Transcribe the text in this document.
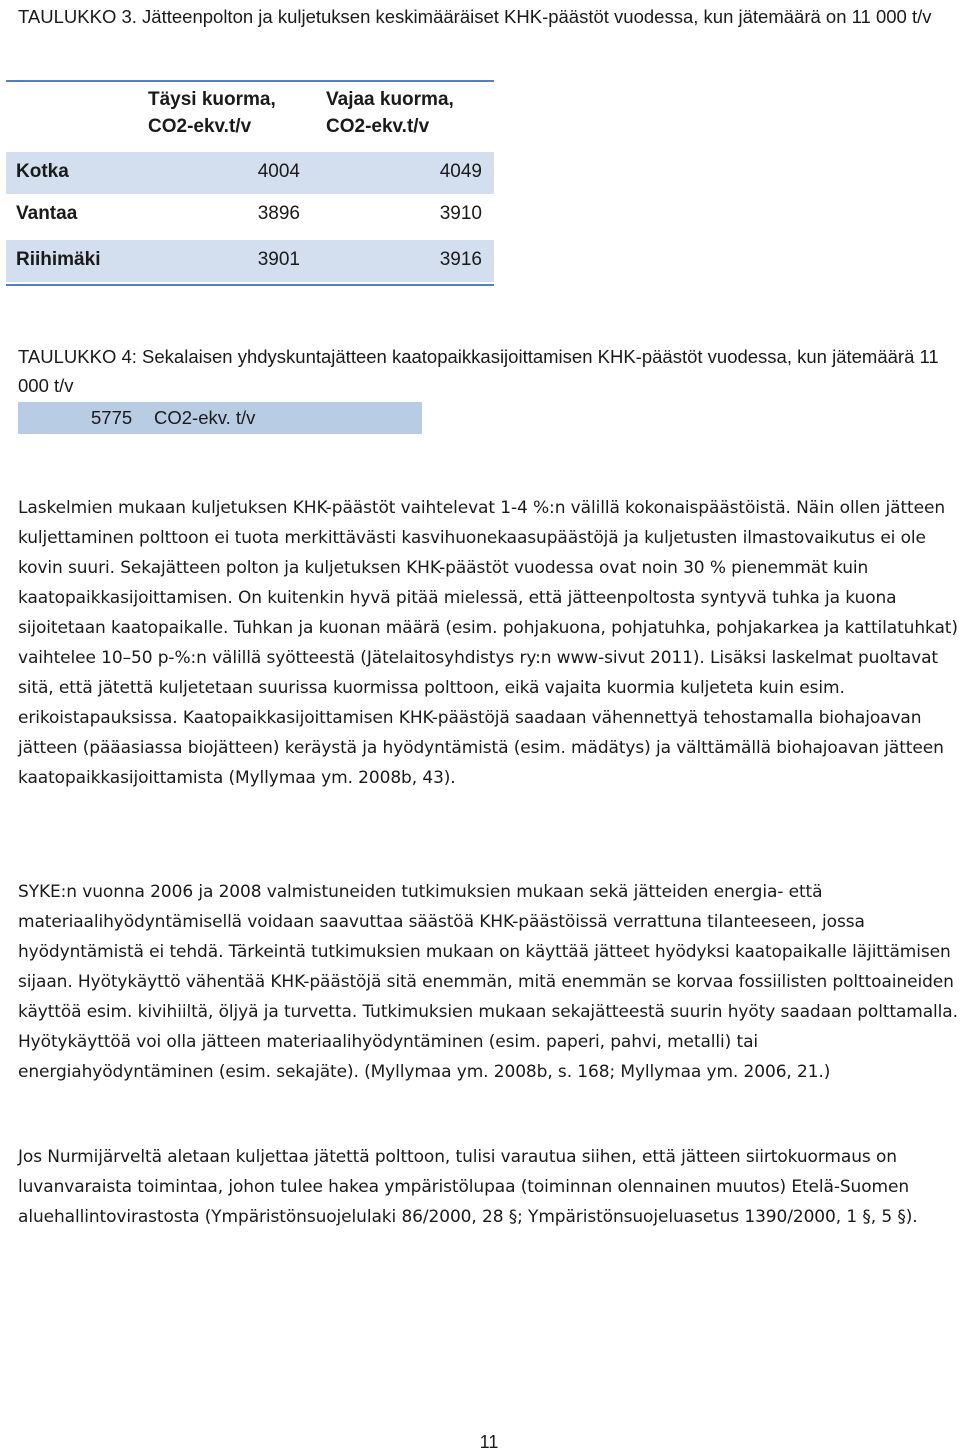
TAULUKKO 3. Jätteenpolton ja kuljetuksen keskimääräiset KHK-päästöt vuodessa, kun jätemäärä on 11 000 t/v
Täysi kuorma, CO2-ekv.t/v
Vajaa kuorma, CO2-ekv.t/v
Kotka	4004	4049
Vantaa	3896	3910
Riihimäki	3901	3916
TAULUKKO 4: Sekalaisen yhdyskuntajätteen kaatopaikkasijoittamisen KHK-päästöt vuodessa, kun jätemäärä 11 000 t/v
5775 CO2-ekv. t/v
Laskelmien mukaan kuljetuksen KHK-päästöt vaihtelevat 1-4 %:n välillä kokonaispäästöistä. Näin ollen jätteen kuljettaminen polttoon ei tuota merkittävästi kasvihuonekaasupäästöjä ja kuljetusten ilmastovaikutus ei ole kovin suuri. Sekajätteen polton ja kuljetuksen KHK-päästöt vuodessa ovat noin 30 % pienemmät kuin kaatopaikkasijoittamisen. On kuitenkin hyvä pitää mielessä, että jätteenpoltosta syntyvä tuhka ja kuona sijoitetaan kaatopaikalle. Tuhkan ja kuonan määrä (esim. pohjakuona, pohjatuhka, pohjakarkea ja kattilatuhkat) vaihtelee 10–50 p-%:n välillä syötteestä (Jätelaitosyhdistys ry:n www-sivut 2011). Lisäksi laskelmat puoltavat sitä, että jätettä kuljetetaan suurissa kuormissa polttoon, eikä vajaita kuormia kuljeteta kuin esim. erikoistapauksissa. Kaatopaikkasijoittamisen KHK-päästöjä saadaan vähennettyä tehostamalla biohajoavan jätteen (pääasiassa biojätteen) keräystä ja hyödyntämistä (esim. mädätys) ja välttämällä biohajoavan jätteen kaatopaikkasijoittamista (Myllymaa ym. 2008b, 43).
SYKE:n vuonna 2006 ja 2008 valmistuneiden tutkimuksien mukaan sekä jätteiden energia- että materiaalihyödyntämisellä voidaan saavuttaa säästöä KHK-päästöissä verrattuna tilanteeseen, jossa hyödyntämistä ei tehdä. Tärkeintä tutkimuksien mukaan on käyttää jätteet hyödyksi kaatopaikalle läjittämisen sijaan. Hyötykäyttö vähentää KHK-päästöjä sitä enemmän, mitä enemmän se korvaa fossiilisten polttoaineiden käyttöä esim. kivihiiltä, öljyä ja turvetta. Tutkimuksien mukaan sekajätteestä suurin hyöty saadaan polttamalla. Hyötykäyttöä voi olla jätteen materiaalihyödyntäminen (esim. paperi, pahvi, metalli) tai energiahyödyntäminen (esim. sekajäte). (Myllymaa ym. 2008b, s. 168; Myllymaa ym. 2006, 21.)
Jos Nurmijärveltä aletaan kuljettaa jätettä polttoon, tulisi varautua siihen, että jätteen siirtokuormaus on luvanvaraista toimintaa, johon tulee hakea ympäristölupaa (toiminnan olennainen muutos) Etelä-Suomen aluehallintovirastosta (Ympäristönsuojelulaki 86/2000, 28 §; Ympäristönsuojeluasetus 1390/2000, 1 §, 5 §).
11
